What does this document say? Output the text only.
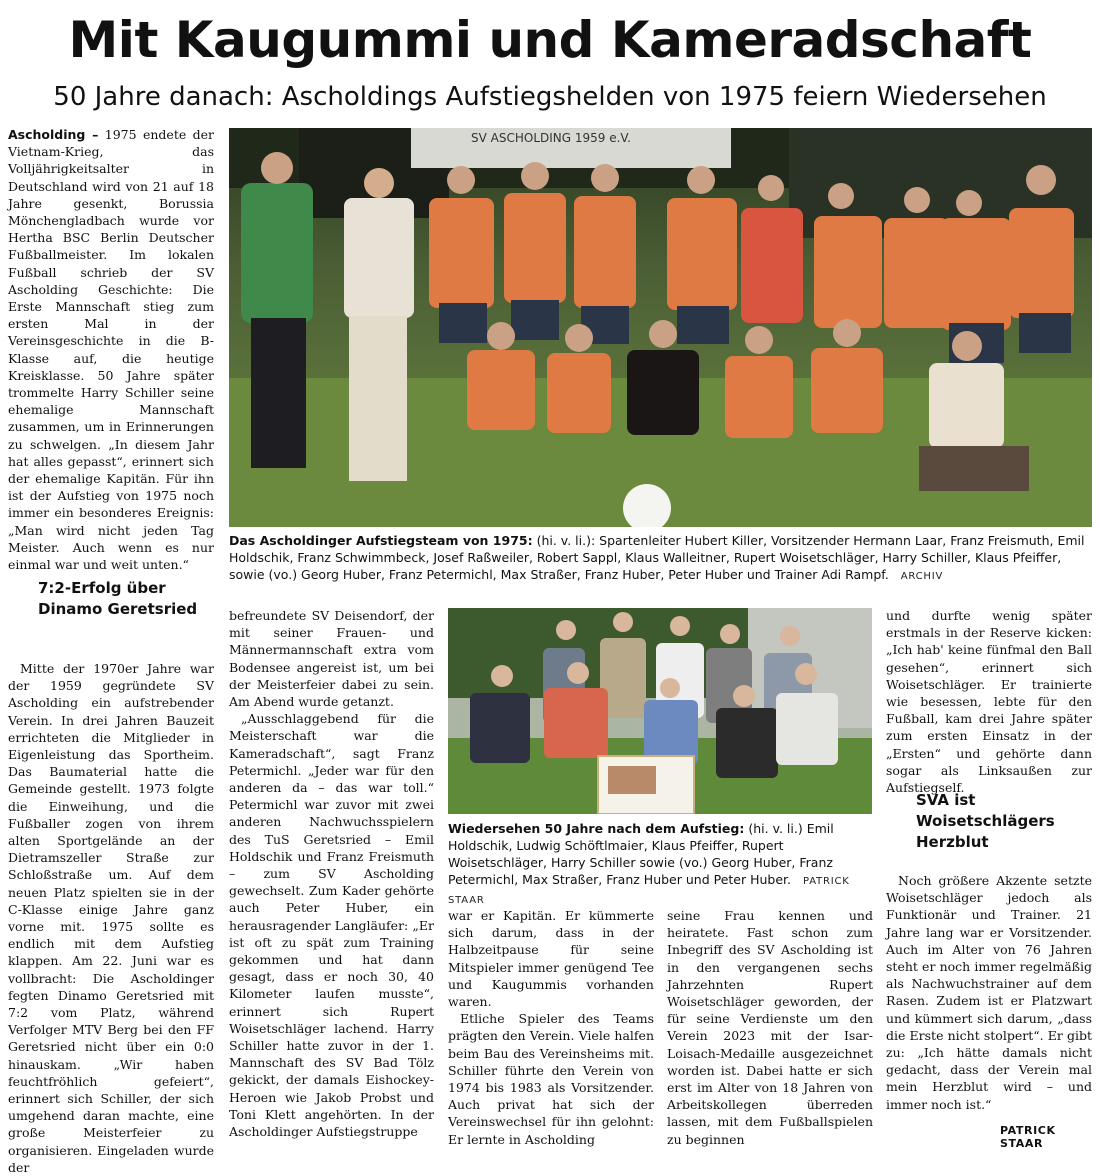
Mit Kaugummi und Kameradschaft
50 Jahre danach: Ascholdings Aufstiegshelden von 1975 feiern Wiedersehen

Ascholding – 1975 endete der Vietnam-Krieg, das Volljährigkeitsalter in Deutschland wird von 21 auf 18 Jahre gesenkt, Borussia Mönchengladbach wurde vor Hertha BSC Berlin Deutscher Fußballmeister. Im lokalen Fußball schrieb der SV Ascholding Geschichte: Die Erste Mannschaft stieg zum ersten Mal in der Vereinsgeschichte in die B-Klasse auf, die heutige Kreisklasse. 50 Jahre später trommelte Harry Schiller seine ehemalige Mannschaft zusammen, um in Erinnerungen zu schwelgen. „In diesem Jahr hat alles gepasst“, erinnert sich der ehemalige Kapitän. Für ihn ist der Aufstieg von 1975 noch immer ein besonderes Ereignis: „Man wird nicht jeden Tag Meister. Auch wenn es nur einmal war und weit unten.“

7:2-Erfolg über Dinamo Geretsried

Mitte der 1970er Jahre war der 1959 gegründete SV Ascholding ein aufstrebender Verein. In drei Jahren Bauzeit errichteten die Mitglieder in Eigenleistung das Sportheim. Das Baumaterial hatte die Gemeinde gestellt. 1973 folgte die Einweihung, und die Fußballer zogen von ihrem alten Sportgelände an der Dietramszeller Straße zur Schloßstraße um. Auf dem neuen Platz spielten sie in der C-Klasse einige Jahre ganz vorne mit. 1975 sollte es endlich mit dem Aufstieg klappen. Am 22. Juni war es vollbracht: Die Ascholdinger fegten Dinamo Geretsried mit 7:2 vom Platz, während Verfolger MTV Berg bei den FF Geretsried nicht über ein 0:0 hinauskam. „Wir haben feuchtfröhlich gefeiert“, erinnert sich Schiller, der sich umgehend daran machte, eine große Meisterfeier zu organisieren. Eingeladen wurde der

SV ASCHOLDING 1959 e.V.
Das Ascholdinger Aufstiegsteam von 1975: (hi. v. li.): Spartenleiter Hubert Killer, Vorsitzender Hermann Laar, Franz Freismuth, Emil Holdschik, Franz Schwimmbeck, Josef Raßweiler, Robert Sappl, Klaus Walleitner, Rupert Woisetschläger, Harry Schiller, Klaus Pfeiffer, sowie (vo.) Georg Huber, Franz Petermichl, Max Straßer, Franz Huber, Peter Huber und Trainer Adi Rampf. ARCHIV

befreundete SV Deisendorf, der mit seiner Frauen- und Männermannschaft extra vom Bodensee angereist ist, um bei der Meisterfeier dabei zu sein. Am Abend wurde getanzt.

„Ausschlaggebend für die Meisterschaft war die Kameradschaft“, sagt Franz Petermichl. „Jeder war für den anderen da – das war toll.“ Petermichl war zuvor mit zwei anderen Nachwuchsspielern des TuS Geretsried – Emil Holdschik und Franz Freismuth – zum SV Ascholding gewechselt. Zum Kader gehörte auch Peter Huber, ein herausragender Langläufer: „Er ist oft zu spät zum Training gekommen und hat dann gesagt, dass er noch 30, 40 Kilometer laufen musste“, erinnert sich Rupert Woisetschläger lachend. Harry Schiller hatte zuvor in der 1. Mannschaft des SV Bad Tölz gekickt, der damals Eishockey-Heroen wie Jakob Probst und Toni Klett angehörten. In der Ascholdinger Aufstiegstruppe

Wiedersehen 50 Jahre nach dem Aufstieg: (hi. v. li.) Emil Holdschik, Ludwig Schöftlmaier, Klaus Pfeiffer, Rupert Woisetschläger, Harry Schiller sowie (vo.) Georg Huber, Franz Petermichl, Max Straßer, Franz Huber und Peter Huber. PATRICK STAAR

war er Kapitän. Er kümmerte sich darum, dass in der Halbzeitpause für seine Mitspieler immer genügend Tee und Kaugummis vorhanden waren.

Etliche Spieler des Teams prägten den Verein. Viele halfen beim Bau des Vereinsheims mit. Schiller führte den Verein von 1974 bis 1983 als Vorsitzender. Auch privat hat sich der Vereinswechsel für ihn gelohnt: Er lernte in Ascholding

seine Frau kennen und heiratete. Fast schon zum Inbegriff des SV Ascholding ist in den vergangenen sechs Jahrzehnten Rupert Woisetschläger geworden, der für seine Verdienste um den Verein 2023 mit der Isar-Loisach-Medaille ausgezeichnet worden ist. Dabei hatte er sich erst im Alter von 18 Jahren von Arbeitskollegen überreden lassen, mit dem Fußballspielen zu beginnen

und durfte wenig später erstmals in der Reserve kicken: „Ich hab' keine fünfmal den Ball gesehen“, erinnert sich Woisetschläger. Er trainierte wie besessen, lebte für den Fußball, kam drei Jahre später zum ersten Einsatz in der „Ersten“ und gehörte dann sogar als Linksaußen zur Aufstiegself.

SVA ist Woisetschlägers Herzblut

Noch größere Akzente setzte Woisetschläger jedoch als Funktionär und Trainer. 21 Jahre lang war er Vorsitzender. Auch im Alter von 76 Jahren steht er noch immer regelmäßig als Nachwuchstrainer auf dem Rasen. Zudem ist er Platzwart und kümmert sich darum, „dass die Erste nicht stolpert“. Er gibt zu: „Ich hätte damals nicht gedacht, dass der Verein mal mein Herzblut wird – und immer noch ist.“

PATRICK STAAR
